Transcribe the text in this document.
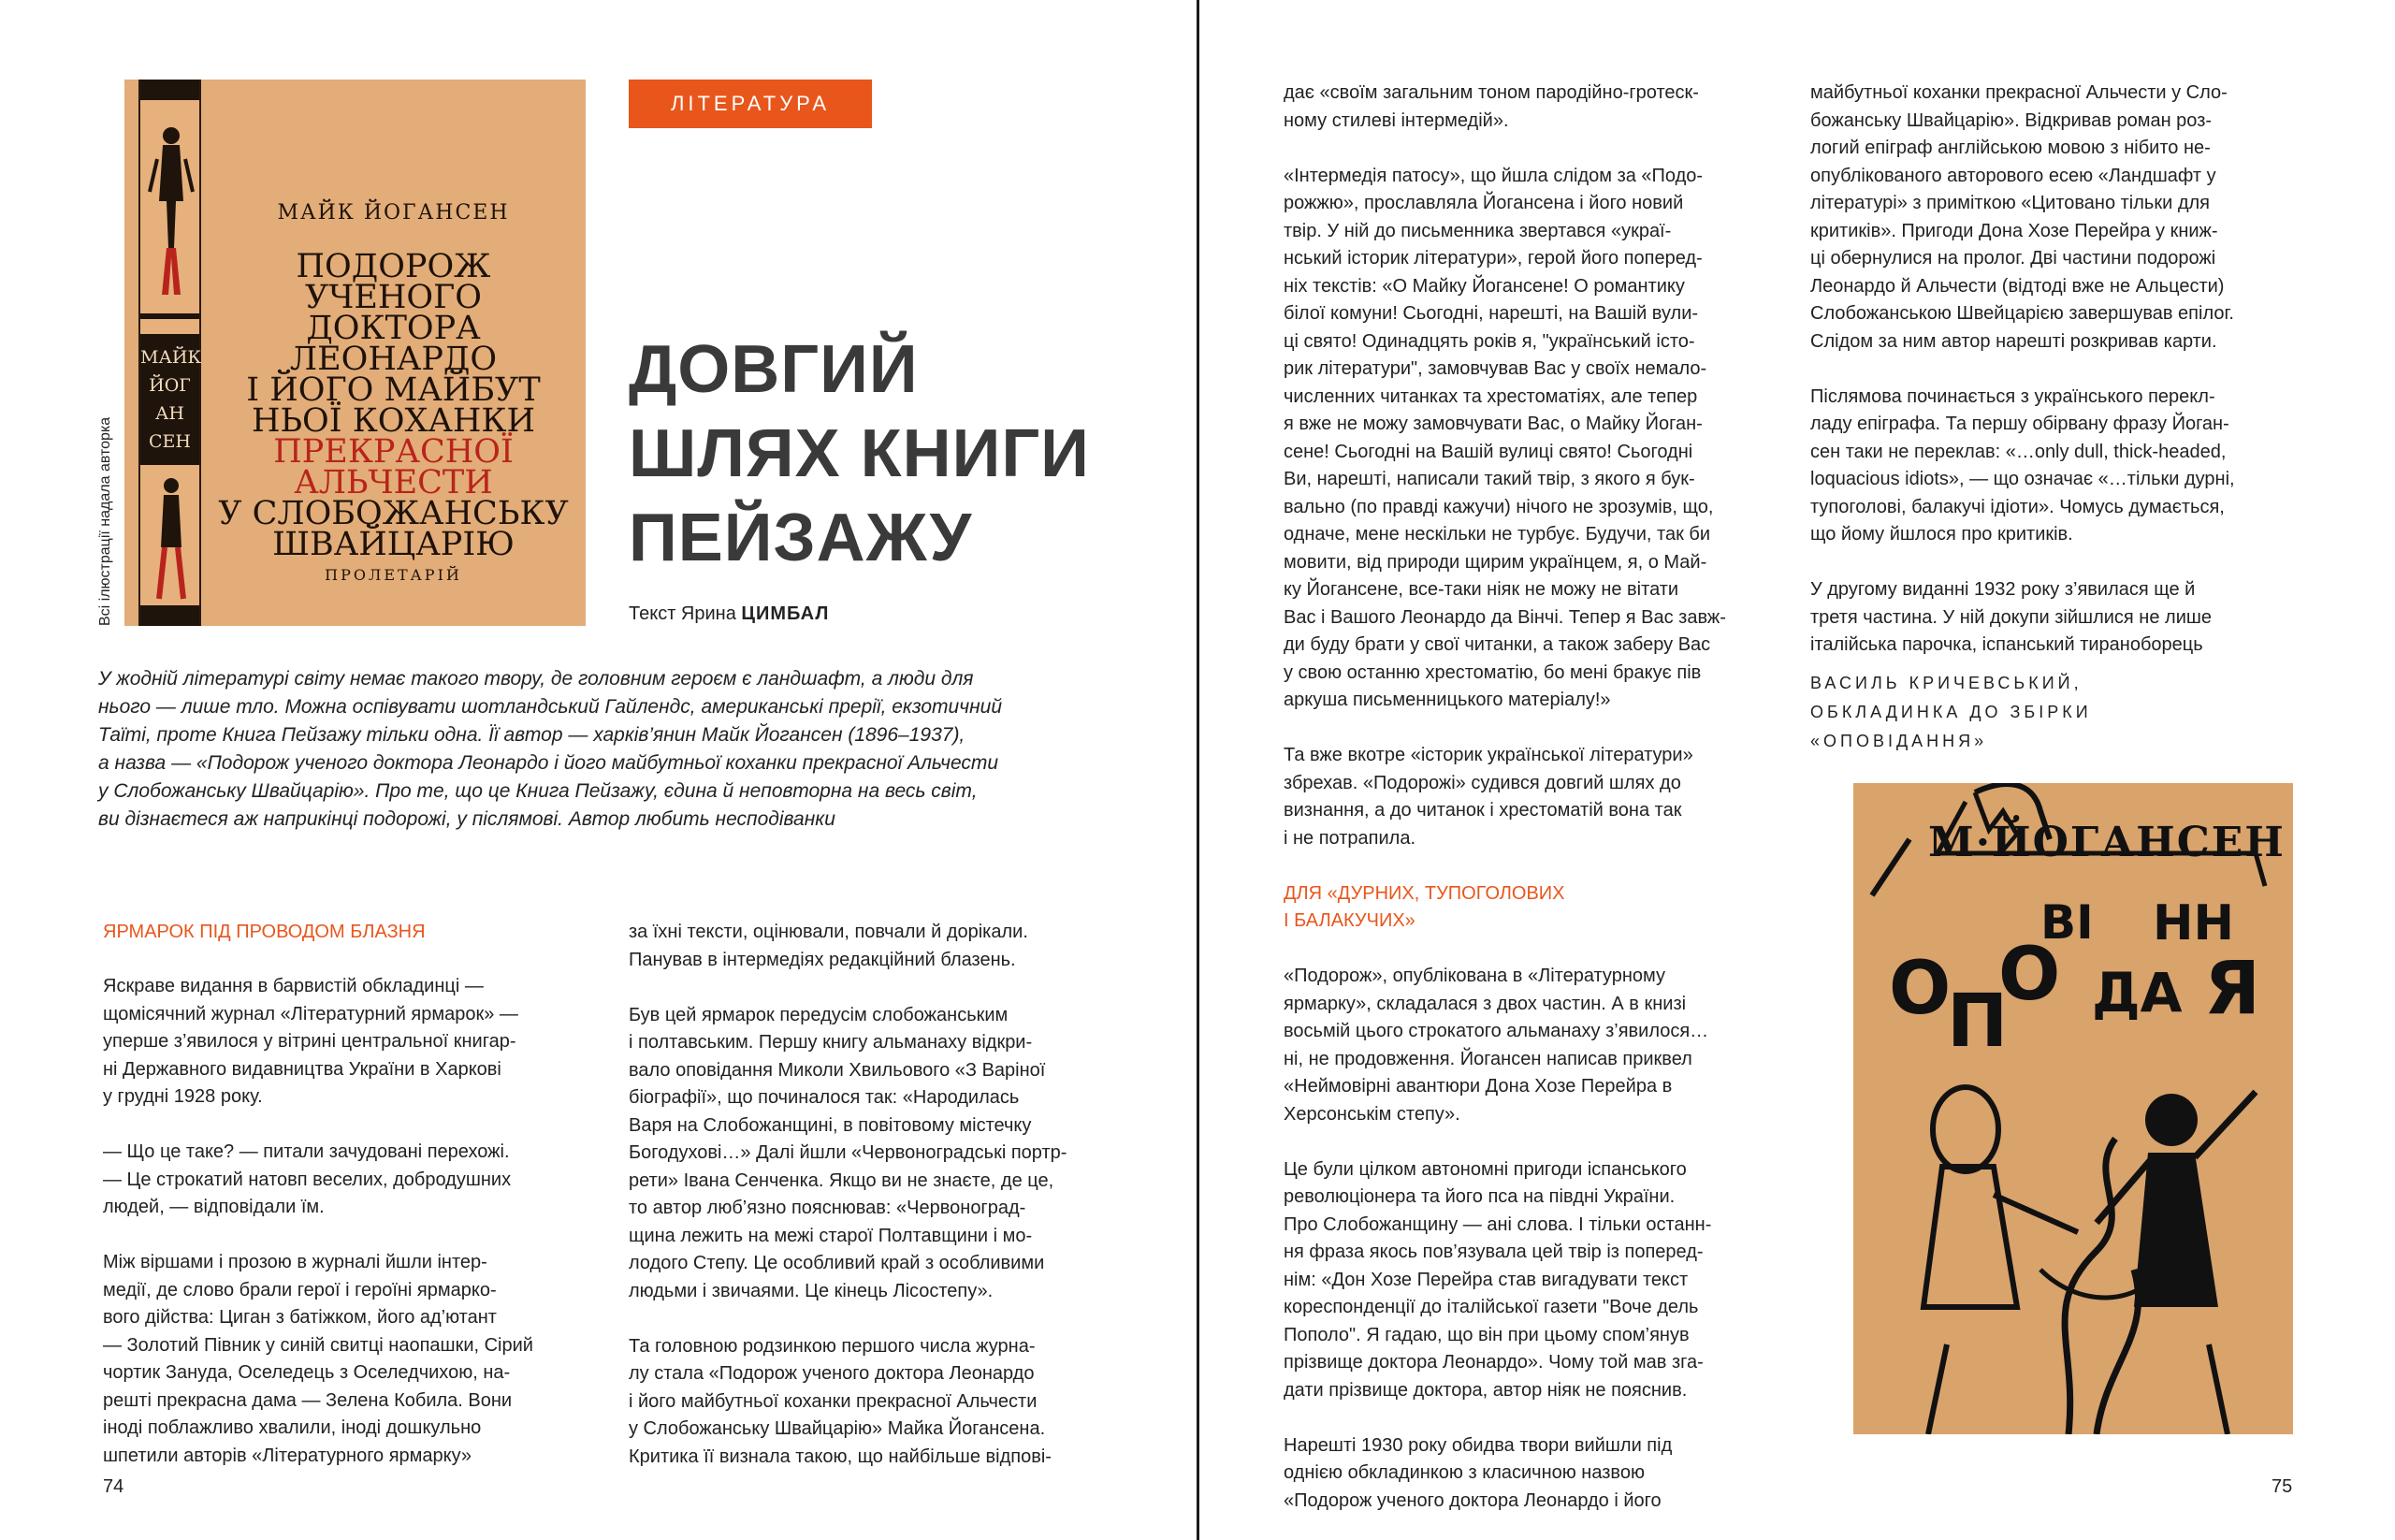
МАЙК
ЙОГ
АН
СЕН
МАЙК ЙОГАНСЕН
ПОДОРОЖ
УЧЕНОГО
ДОКТОРА
ЛЕОНАРДО
І ЙОГО МАЙБУТ
НЬОЇ КОХАНКИ
ПРЕКРАСНОЇ
АЛЬЧЕСТИ
У СЛОБОЖАНСЬКУ
ШВАЙЦАРІЮ
ПРОЛЕТАРІЙ
Всі ілюстрації надала авторка
ЛІТЕРАТУРА
ДОВГИЙ
ШЛЯХ КНИГИ
ПЕЙЗАЖУ
Текст Ярина ЦИМБАЛ
У жодній літературі світу немає такого твору, де головним героєм є ландшафт, а люди для
нього — лише тло. Можна оспівувати шотландський Гайлендс, американські прерії, екзотичний
Таїті, проте Книга Пейзажу тільки одна. Її автор — харків’янин Майк Йогансен (1896–1937),
а назва — «Подорож ученого доктора Леонардо і його майбутньої коханки прекрасної Альчести
у Слобожанську Швайцарію». Про те, що це Книга Пейзажу, єдина й неповторна на весь світ,
ви дізнаєтеся аж наприкінці подорожі, у післямові. Автор любить несподіванки
ЯРМАРОК ПІД ПРОВОДОМ БЛАЗНЯ
Яскраве видання в барвистій обкладинці —
щомісячний журнал «Літературний ярмарок» —
уперше з’явилося у вітрині центральної книгар-
ні Державного видавництва України в Харкові
у грудні 1928 року.
— Що це таке? — питали зачудовані перехожі.
— Це строкатий натовп веселих, добродушних
людей, — відповідали їм.
Між віршами і прозою в журналі йшли інтер-
медії, де слово брали герої і героїні ярмарко-
вого дійства: Циган з батіжком, його ад’ютант
— Золотий Півник у синій свитці наопашки, Сірий
чортик Зануда, Оселедець з Оселедчихою, на-
решті прекрасна дама — Зелена Кобила. Вони
іноді поблажливо хвалили, іноді дошкульно
шпетили авторів «Літературного ярмарку»
за їхні тексти, оцінювали, повчали й дорікали.
Панував в інтермедіях редакційний блазень.
Був цей ярмарок передусім слобожанським
і полтавським. Першу книгу альманаху відкри-
вало оповідання Миколи Хвильового «З Варіної
біографії», що починалося так: «Народилась
Варя на Слобожанщині, в повітовому містечку
Богодухові…» Далі йшли «Червоноградські портр-
рети» Івана Сенченка. Якщо ви не знаєте, де це,
то автор люб’язно пояснював: «Червоноград-
щина лежить на межі старої Полтавщини і мо-
лодого Степу. Це особливий край з особливими
людьми і звичаями. Це кінець Лісостепу».
Та головною родзинкою першого числа журна-
лу стала «Подорож ученого доктора Леонардо
і його майбутньої коханки прекрасної Альчести
у Слобожанську Швайцарію» Майка Йогансена.
Критика її визнала такою, що найбільше відпові-
74
дає «своїм загальним тоном пародійно-гротеск-
ному стилеві інтермедій».
«Інтермедія патосу», що йшла слідом за «Подо-
рожжю», прославляла Йогансена і його новий
твір. У ній до письменника звертався «украї-
нський історик літератури», герой його поперед-
ніх текстів: «О Майку Йогансене! О романтику
білої комуни! Сьогодні, нарешті, на Вашій вули-
ці свято! Одинадцять років я, "український істо-
рик літератури", замовчував Вас у своїх немало-
численних читанках та хрестоматіях, але тепер
я вже не можу замовчувати Вас, о Майку Йоган-
сене! Сьогодні на Вашій вулиці свято! Сьогодні
Ви, нарешті, написали такий твір, з якого я бук-
вально (по правді кажучи) нічого не зрозумів, що,
одначе, мене нескільки не турбує. Будучи, так би
мовити, від природи щирим українцем, я, о Май-
ку Йогансене, все-таки ніяк не можу не вітати
Вас і Вашого Леонардо да Вінчі. Тепер я Вас завж-
ди буду брати у свої читанки, а також заберу Вас
у свою останню хрестоматію, бо мені бракує пів
аркуша письменницького матеріалу!»
Та вже вкотре «історик української літератури»
збрехав. «Подорожі» судився довгий шлях до
визнання, а до читанок і хрестоматій вона так
і не потрапила.
ДЛЯ «ДУРНИХ, ТУПОГОЛОВИХ
І БАЛАКУЧИХ»
«Подорож», опублікована в «Літературному
ярмарку», складалася з двох частин. А в книзі
восьмій цього строкатого альманаху з’явилося…
ні, не продовження. Йогансен написав приквел
«Неймовірні авантюри Дона Хозе Перейра в
Херсонськім степу».
Це були цілком автономні пригоди іспанського
революціонера та його пса на півдні України.
Про Слобожанщину — ані слова. І тільки останн-
ня фраза якось пов’язувала цей твір із поперед-
нім: «Дон Хозе Перейра став вигадувати текст
кореспонденції до італійської газети "Воче дель
Пополо". Я гадаю, що він при цьому спом’янув
прізвище доктора Леонардо». Чому той мав зга-
дати прізвище доктора, автор ніяк не пояснив.
Нарешті 1930 року обидва твори вийшли під
однією обкладинкою з класичною назвою
«Подорож ученого доктора Леонардо і його
майбутньої коханки прекрасної Альчести у Сло-
божанську Швайцарію». Відкривав роман роз-
логий епіграф англійською мовою з нібито не-
опублікованого авторового есею «Ландшафт у
літературі» з приміткою «Цитовано тільки для
критиків». Пригоди Дона Хозе Перейра у книж-
ці обернулися на пролог. Дві частини подорожі
Леонардо й Альчести (відтоді вже не Альцести)
Слобожанською Швейцарією завершував епілог.
Слідом за ним автор нарешті розкривав карти.
Післямова починається з українського перекл-
ладу епіграфа. Та першу обірвану фразу Йоган-
сен таки не переклав: «…only dull, thick-headed,
loquacious idiots», — що означає «…тільки дурні,
тупоголові, балакучі ідіоти». Чомусь думається,
що йому йшлося про критиків.
У другому виданні 1932 року з’явилася ще й
третя частина. У ній докупи зійшлися не лише
італійська парочка, іспанський тираноборець
ВАСИЛЬ КРИЧЕВСЬКИЙ,
ОБКЛАДИНКА ДО ЗБІРКИ
«ОПОВІДАННЯ»
75
М·ЙОГАНСЕН
О
П
О
ВІ
ДА
НН
Я
